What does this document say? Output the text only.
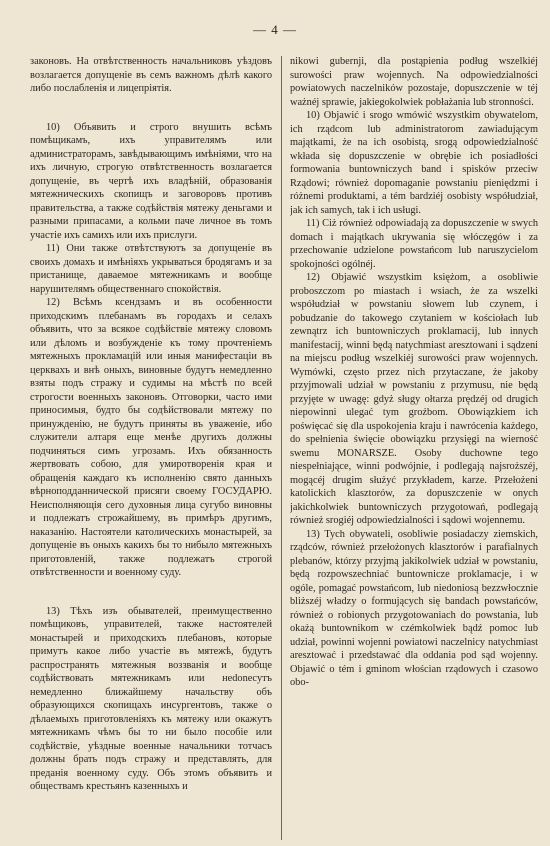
— 4 —

законовъ. На отвѣтственность начальниковъ уѣздовъ возлагается допущеніе въ семъ важномъ дѣлѣ какого либо послабленія и лицепріятія.

10) Объявить и строго внушить всѣмъ помѣщикамъ, ихъ управителямъ или администраторамъ, завѣдывающимъ имѣніями, что на ихъ личную, строгую отвѣтственность возлагается допущеніе, въ чертѣ ихъ владѣній, образованія мятежническихъ скопищъ и заговоровъ противъ правительства, а также содѣйствія мятежу деньгами и разными припасами, а кольми паче личное въ томъ участіе ихъ самихъ или ихъ прислуги.

11) Они также отвѣтствуютъ за допущеніе въ своихъ домахъ и имѣніяхъ укрываться бродягамъ и за пристанище, даваемое мятежникамъ и вообще нарушителямъ общественнаго спокойствія.

12) Всѣмъ ксендзамъ и въ особенности приходскимъ плебанамъ въ городахъ и селахъ объявить, что за всякое содѣйствіе мятежу словомъ или дѣломъ и возбужденіе къ тому прочтеніемъ мятежныхъ прокламацій или иныя манифестаціи въ церквахъ и внѣ оныхъ, виновные будутъ немедленно взяты подъ стражу и судимы на мѣстѣ по всей строгости военныхъ законовъ. Отговорки, часто ими приносимыя, будто бы содѣйствовали мятежу по принужденію, не будутъ приняты въ уваженіе, ибо служители алтаря еще менѣе другихъ должны подчиняться симъ угрозамъ. Ихъ обязанность жертвовать собою, для умиротворенія края и обращенія каждаго къ исполненію свято данныхъ вѣрноподданнической присяги своему ГОСУДАРЮ. Неисполняющія сего духовныя лица сугубо виновны и подлежатъ строжайшему, въ примѣръ другимъ, наказанію. Настоятели католическихъ монастырей, за допущеніе въ оныхъ какихъ бы то нибыло мятежныхъ приготовленій, также подлежатъ строгой отвѣтственности и военному суду.

13) Тѣхъ изъ обывателей, преимущественно помѣщиковъ, управителей, также настоятелей монастырей и приходскихъ плебановъ, которые примутъ какое либо участіе въ мятежѣ, будутъ распространять мятежныя воззванія и вообще содѣйствовать мятежникамъ или неdonecутъ немедленно ближайшему начальству объ образующихся скопищахъ инсургентовъ, также о дѣлаемыхъ приготовленіяхъ къ мятежу или окажутъ мятежникамъ чѣмъ бы то ни было пособіе или содѣйствіе, уѣздные военные начальники тотчасъ должны брать подъ стражу и представлять, для преданія военному суду. Объ этомъ объявить и обществамъ крестьянъ казенныхъ и

nikowi gubernji, dla postąpienia podług wszelkiéj surowości praw wojennych. Na odpowiedzialności powiatowych naczelników pozostaje, dopuszczenie w téj ważnéj sprawie, jakiegokolwiek pobłażania lub stronności.

10) Objawić i srogo wmówić wszystkim obywatelom, ich rządcom lub administratorom zawiadującym majątkami, że na ich osobistą, srogą odpowiedzialność wkłada się dopuszczenie w obrębie ich posiadłości formowania buntowniczych band i spisków przeciw Rządowi; również dopomaganie powstaniu pieniędzmi i różnemi produktami, a tém bardziéj osobisty współudział, jak ich samych, tak i ich usługi.

11) Ciż również odpowiadają za dopuszczenie w swych domach i majątkach ukrywania się włóczęgów i za przechowanie udzielone powstańcom lub naruszycielom spokojności ogólnéj.

12) Objawić wszystkim księżom, a osobliwie proboszczom po miastach i wsiach, że za wszelki współudział w powstaniu słowem lub czynem, i pobudzanie do takowego czytaniem w kościołach lub zewnątrz ich buntowniczych proklamacij, lub innych manifestacij, winni będą natychmiast aresztowani i sądzeni na miejscu podług wszelkiéj surowości praw wojennych. Wymówki, często przez nich przytaczane, że jakoby przyjmowali udział w powstaniu z przymusu, nie będą przyjęte w uwagę: gdyż sługy ołtarza prędzéj od drugich niepowinni ulegać tym groźbom. Obowiązkiem ich poświęcać się dla uspokojenia kraju i nawrócenia każdego, do spełnienia święcie obowiązku przysięgi na wierność swemu MONARSZE. Osoby duchowne tego niespełniające, winni podwójnie, i podlegają najsroższéj, mogącéj drugim służyć przykładem, karze. Przełożeni katolickich klasztorów, za dopuszczenie w onych jakichkolwiek buntowniczych przygotowań, podlegają również srogiéj odpowiedzialności i sądowi wojennemu.

13) Tych obywateli, osobliwie posiadaczy ziemskich, rządców, również przełożonych klasztorów i parafialnych plebanów, którzy przyjmą jakikolwiek udział w powstaniu, będą rozpowszechniać buntownicze proklamacje, i w ogóle, pomagać powstańcom, lub niedoniosą bezzwłocznie bliższéj władzy o formujących się bandach powstańców, również o robionych przygotowaniach do powstania, lub okażą buntownikom w czémkolwiek bądź pomoc lub udział, powinni wojenni powiatowi naczelnicy natychmiast aresztować i przedstawać dla oddania pod sąd wojenny. Objawić o tém i gminom włościan rządowych i czasowo obo-
